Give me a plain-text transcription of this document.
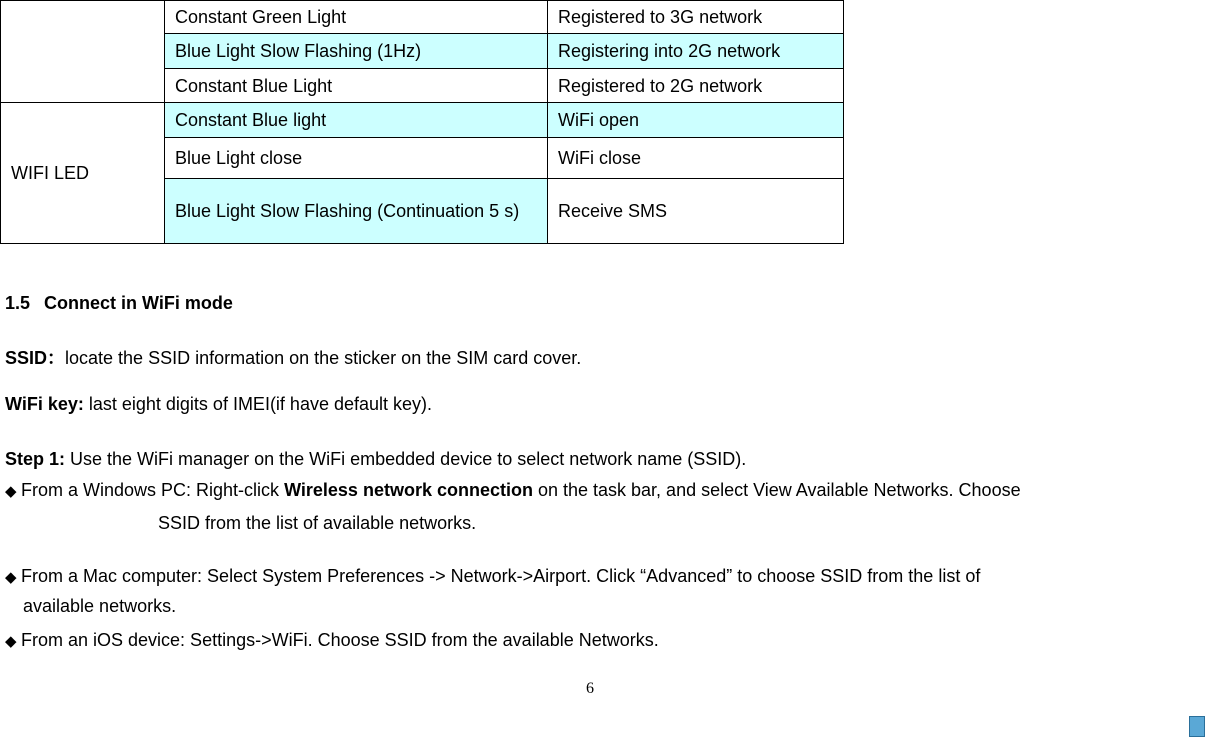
	Constant Green Light	Registered to 3G network
	Blue Light Slow Flashing (1Hz)	Registering into 2G network
	Constant Blue Light	Registered to 2G network
WIFI LED	Constant Blue light	WiFi open
	Blue Light close	WiFi close
	Blue Light Slow Flashing (Continuation 5 s)	Receive SMS
1.5 Connect in WiFi mode
SSID：locate the SSID information on the sticker on the SIM card cover.
WiFi key: last eight digits of IMEI(if have default key).
Step 1: Use the WiFi manager on the WiFi embedded device to select network name (SSID).
◆ From a Windows PC: Right-click Wireless network connection on the task bar, and select View Available Networks. Choose
SSID from the list of available networks.
◆ From a Mac computer: Select System Preferences -> Network->Airport. Click “Advanced” to choose SSID from the list of
available networks.
◆ From an iOS device: Settings->WiFi. Choose SSID from the available Networks.
6
